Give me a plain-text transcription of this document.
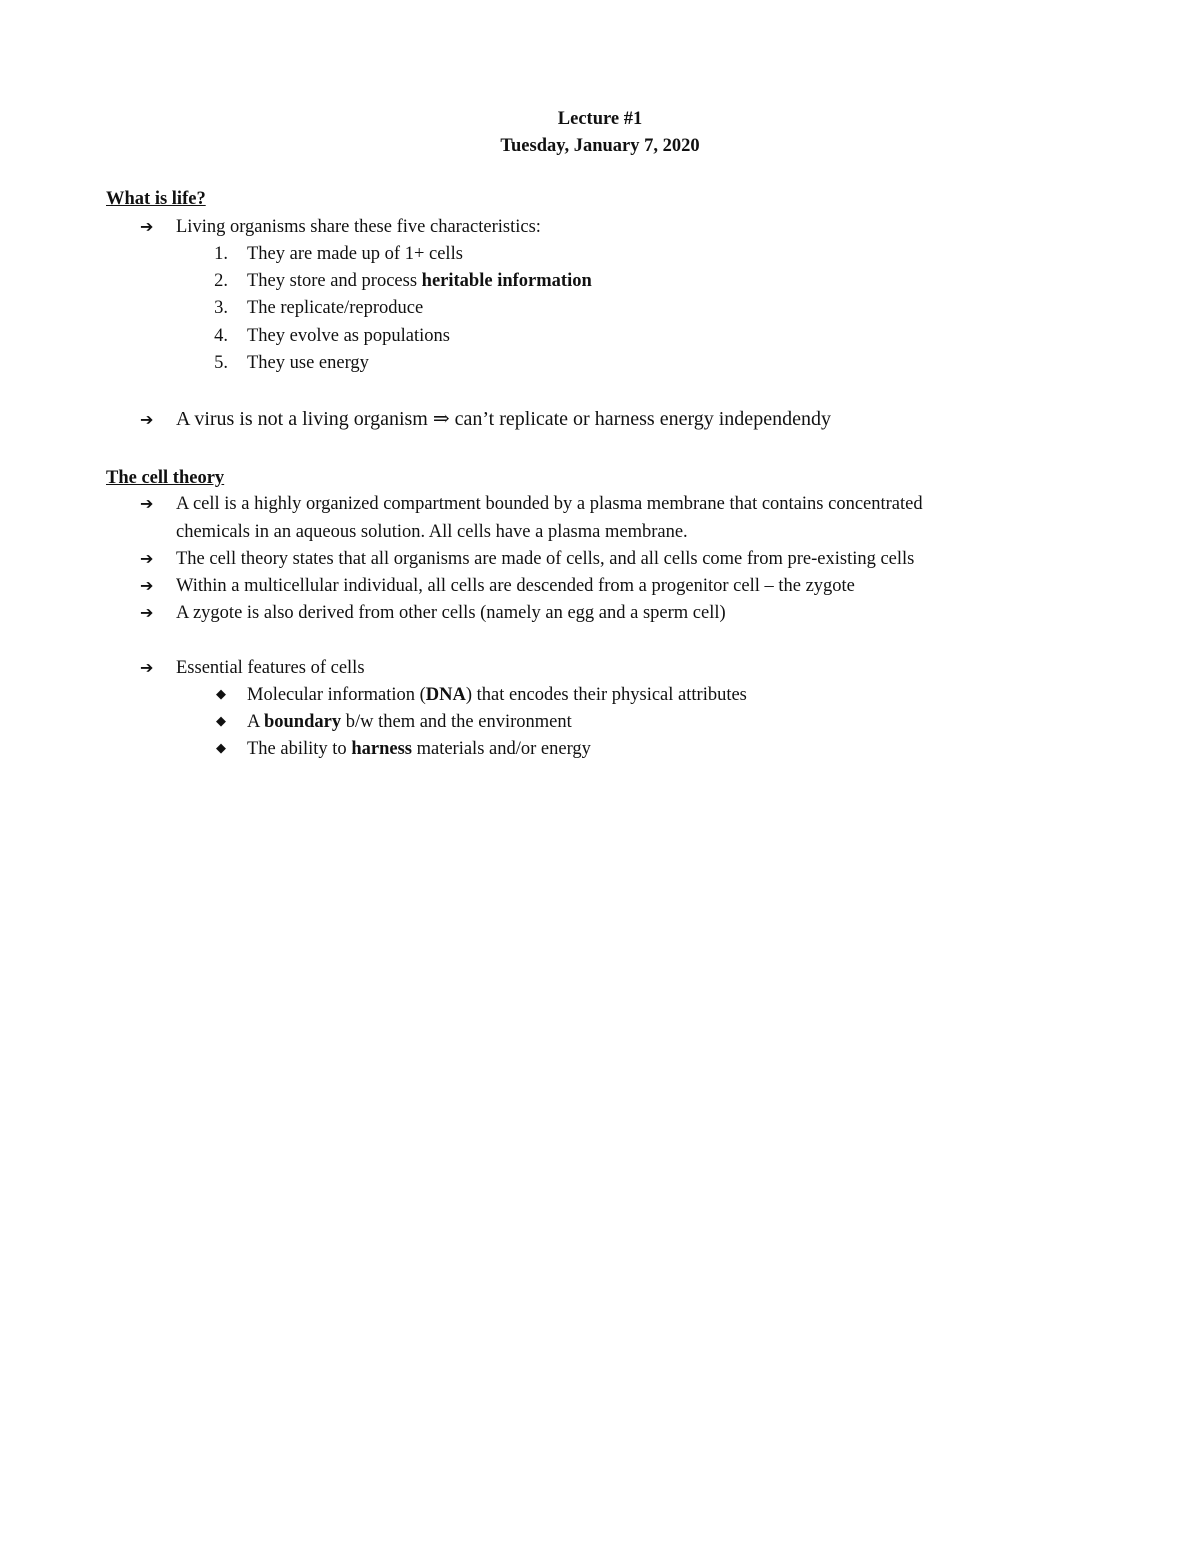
Lecture #1
Tuesday, January 7, 2020
What is life?
➔ Living organisms share these five characteristics:
1. They are made up of 1+ cells
2. They store and process heritable information
3. The replicate/reproduce
4. They evolve as populations
5. They use energy
➔ A virus is not a living organism ⇒ can’t replicate or harness energy independendy
The cell theory
➔ A cell is a highly organized compartment bounded by a plasma membrane that contains concentrated
chemicals in an aqueous solution. All cells have a plasma membrane.
➔ The cell theory states that all organisms are made of cells, and all cells come from pre-existing cells
➔ Within a multicellular individual, all cells are descended from a progenitor cell – the zygote
➔ A zygote is also derived from other cells (namely an egg and a sperm cell)
➔ Essential features of cells
◆ Molecular information (DNA) that encodes their physical attributes
◆ A boundary b/w them and the environment
◆ The ability to harness materials and/or energy
